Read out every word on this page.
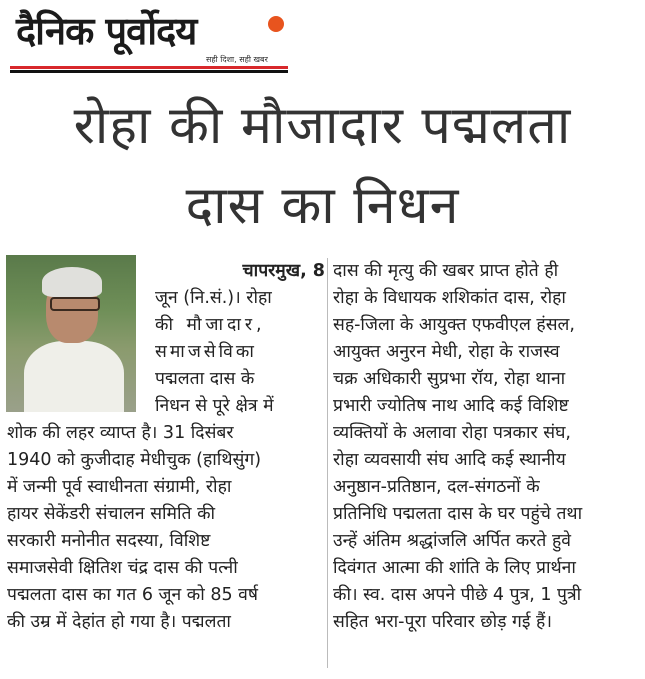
दैनिक पूर्वोदय
सही दिशा, सही खबर
रोहा की मौजादार पद्मलता
दास का निधन
चापरमुख, 8
जून (नि.सं.)। रोहा
की मौजादार,
समाजसेविका
पद्मलता दास के
निधन से पूरे क्षेत्र में
शोक की लहर व्याप्त है। 31 दिसंबर
1940 को कुजीदाह मेधीचुक (हाथिसुंग)
में जन्मी पूर्व स्वाधीनता संग्रामी, रोहा
हायर सेकेंडरी संचालन समिति की
सरकारी मनोनीत सदस्या, विशिष्ट
समाजसेवी क्षितिश चंद्र दास की पत्नी
पद्मलता दास का गत 6 जून को 85 वर्ष
की उम्र में देहांत हो गया है। पद्मलता
दास की मृत्यु की खबर प्राप्त होते ही
रोहा के विधायक शशिकांत दास, रोहा
सह-जिला के आयुक्त एफवीएल हंसल,
आयुक्त अनुरन मेधी, रोहा के राजस्व
चक्र अधिकारी सुप्रभा रॉय, रोहा थाना
प्रभारी ज्योतिष नाथ आदि कई विशिष्ट
व्यक्तियों के अलावा रोहा पत्रकार संघ,
रोहा व्यवसायी संघ आदि कई स्थानीय
अनुष्ठान-प्रतिष्ठान, दल-संगठनों के
प्रतिनिधि पद्मलता दास के घर पहुंचे तथा
उन्हें अंतिम श्रद्धांजलि अर्पित करते हुवे
दिवंगत आत्मा की शांति के लिए प्रार्थना
की। स्व. दास अपने पीछे 4 पुत्र, 1 पुत्री
सहित भरा-पूरा परिवार छोड़ गई हैं।
